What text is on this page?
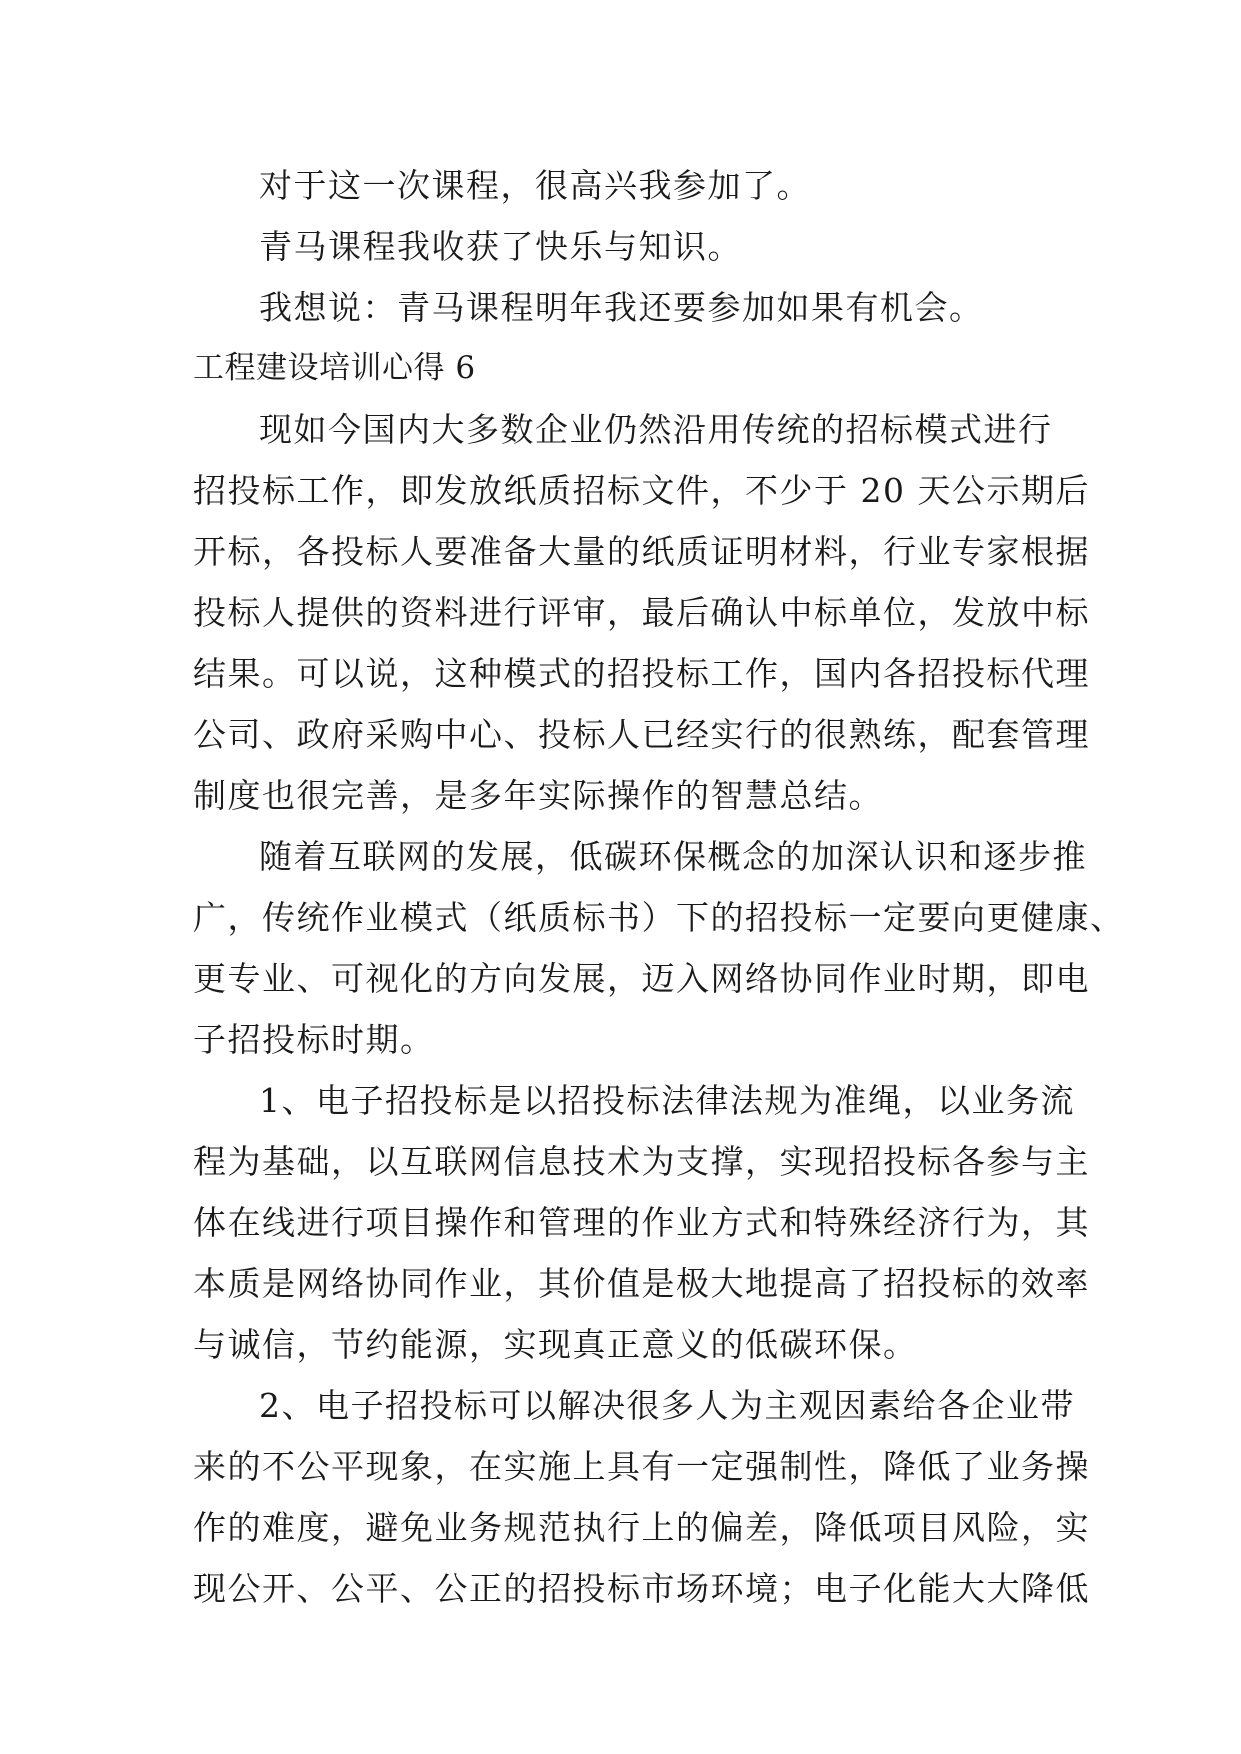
对于这一次课程，很高兴我参加了。
青马课程我收获了快乐与知识。
我想说：青马课程明年我还要参加如果有机会。
工程建设培训心得 6
现如今国内大多数企业仍然沿用传统的招标模式进行
招投标工作，即发放纸质招标文件，不少于 20 天公示期后
开标，各投标人要准备大量的纸质证明材料，行业专家根据
投标人提供的资料进行评审，最后确认中标单位，发放中标
结果。可以说，这种模式的招投标工作，国内各招投标代理
公司、政府采购中心、投标人已经实行的很熟练，配套管理
制度也很完善，是多年实际操作的智慧总结。
随着互联网的发展，低碳环保概念的加深认识和逐步推
广，传统作业模式（纸质标书）下的招投标一定要向更健康、
更专业、可视化的方向发展，迈入网络协同作业时期，即电
子招投标时期。
1、电子招投标是以招投标法律法规为准绳，以业务流
程为基础，以互联网信息技术为支撑，实现招投标各参与主
体在线进行项目操作和管理的作业方式和特殊经济行为，其
本质是网络协同作业，其价值是极大地提高了招投标的效率
与诚信，节约能源，实现真正意义的低碳环保。
2、电子招投标可以解决很多人为主观因素给各企业带
来的不公平现象，在实施上具有一定强制性，降低了业务操
作的难度，避免业务规范执行上的偏差，降低项目风险，实
现公开、公平、公正的招投标市场环境；电子化能大大降低
